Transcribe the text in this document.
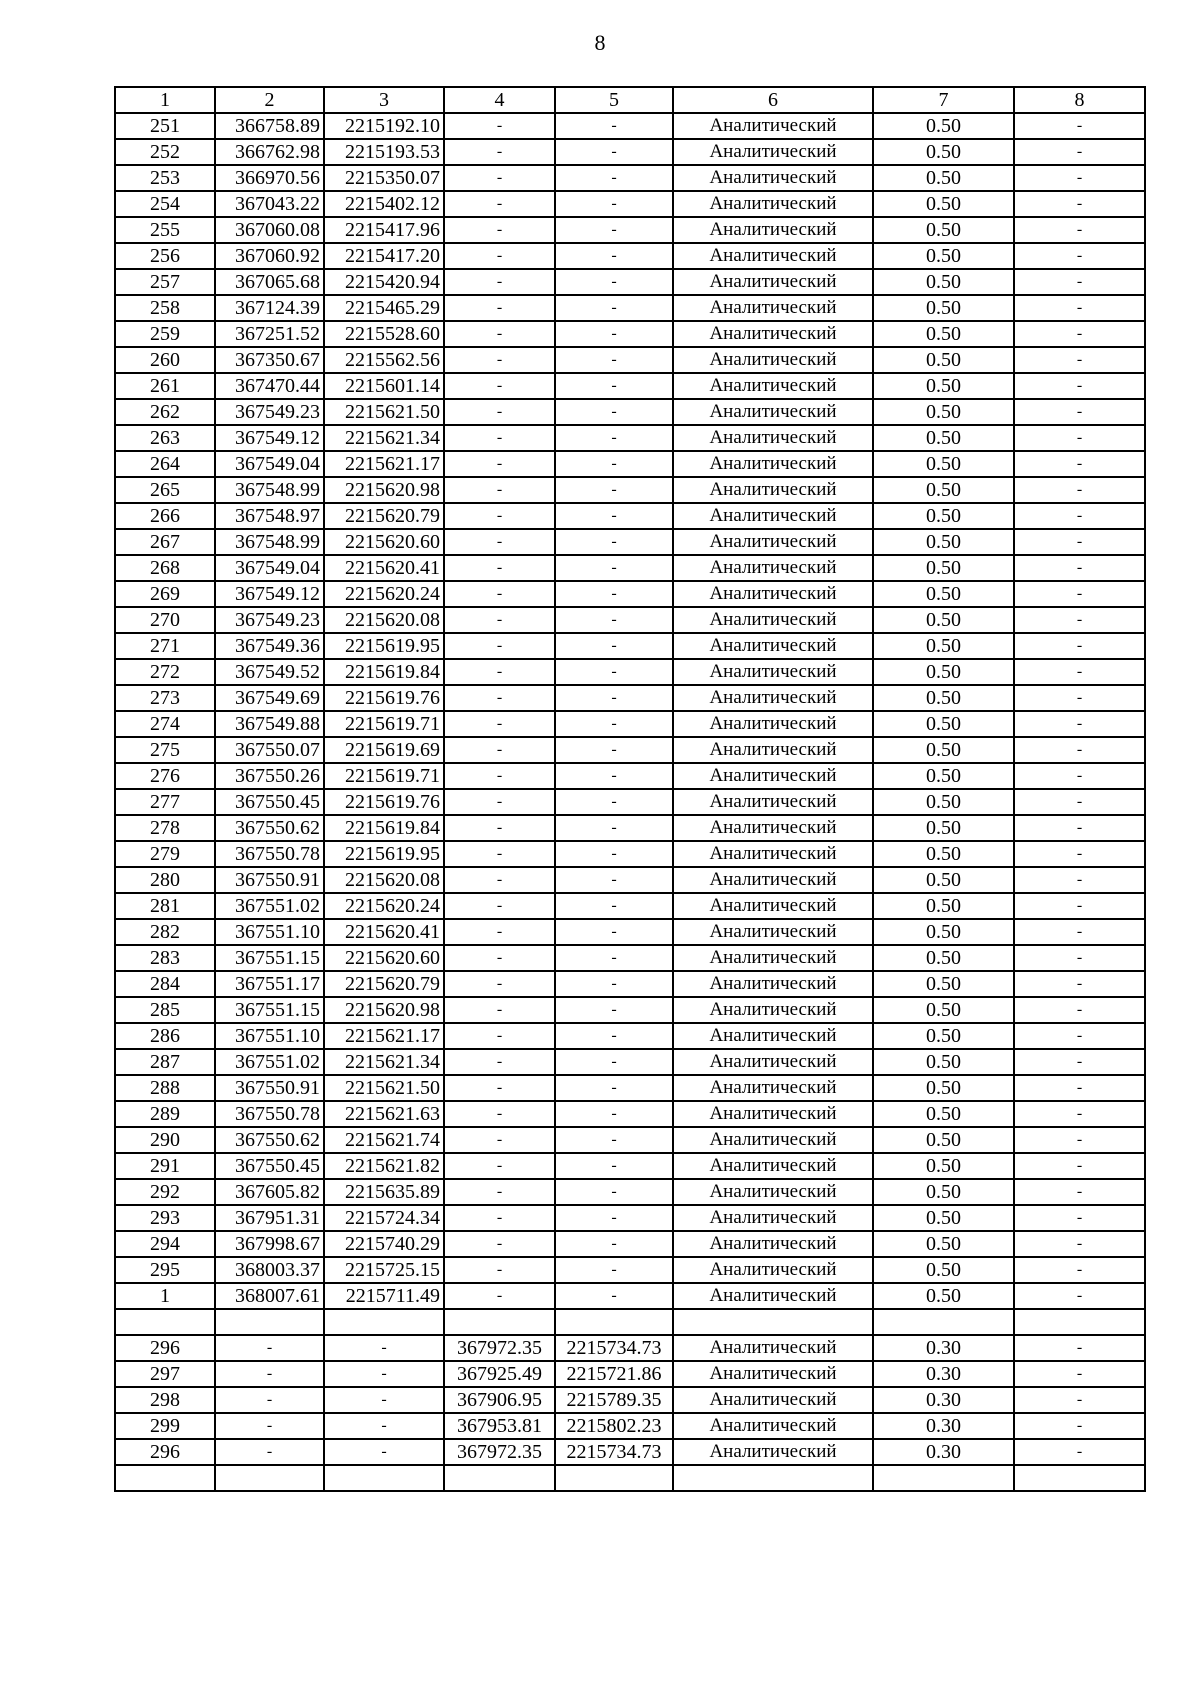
8
1	2	3	4	5	6	7	8
251	366758.89	2215192.10	-	-	Аналитический	0.50	-
252	366762.98	2215193.53	-	-	Аналитический	0.50	-
253	366970.56	2215350.07	-	-	Аналитический	0.50	-
254	367043.22	2215402.12	-	-	Аналитический	0.50	-
255	367060.08	2215417.96	-	-	Аналитический	0.50	-
256	367060.92	2215417.20	-	-	Аналитический	0.50	-
257	367065.68	2215420.94	-	-	Аналитический	0.50	-
258	367124.39	2215465.29	-	-	Аналитический	0.50	-
259	367251.52	2215528.60	-	-	Аналитический	0.50	-
260	367350.67	2215562.56	-	-	Аналитический	0.50	-
261	367470.44	2215601.14	-	-	Аналитический	0.50	-
262	367549.23	2215621.50	-	-	Аналитический	0.50	-
263	367549.12	2215621.34	-	-	Аналитический	0.50	-
264	367549.04	2215621.17	-	-	Аналитический	0.50	-
265	367548.99	2215620.98	-	-	Аналитический	0.50	-
266	367548.97	2215620.79	-	-	Аналитический	0.50	-
267	367548.99	2215620.60	-	-	Аналитический	0.50	-
268	367549.04	2215620.41	-	-	Аналитический	0.50	-
269	367549.12	2215620.24	-	-	Аналитический	0.50	-
270	367549.23	2215620.08	-	-	Аналитический	0.50	-
271	367549.36	2215619.95	-	-	Аналитический	0.50	-
272	367549.52	2215619.84	-	-	Аналитический	0.50	-
273	367549.69	2215619.76	-	-	Аналитический	0.50	-
274	367549.88	2215619.71	-	-	Аналитический	0.50	-
275	367550.07	2215619.69	-	-	Аналитический	0.50	-
276	367550.26	2215619.71	-	-	Аналитический	0.50	-
277	367550.45	2215619.76	-	-	Аналитический	0.50	-
278	367550.62	2215619.84	-	-	Аналитический	0.50	-
279	367550.78	2215619.95	-	-	Аналитический	0.50	-
280	367550.91	2215620.08	-	-	Аналитический	0.50	-
281	367551.02	2215620.24	-	-	Аналитический	0.50	-
282	367551.10	2215620.41	-	-	Аналитический	0.50	-
283	367551.15	2215620.60	-	-	Аналитический	0.50	-
284	367551.17	2215620.79	-	-	Аналитический	0.50	-
285	367551.15	2215620.98	-	-	Аналитический	0.50	-
286	367551.10	2215621.17	-	-	Аналитический	0.50	-
287	367551.02	2215621.34	-	-	Аналитический	0.50	-
288	367550.91	2215621.50	-	-	Аналитический	0.50	-
289	367550.78	2215621.63	-	-	Аналитический	0.50	-
290	367550.62	2215621.74	-	-	Аналитический	0.50	-
291	367550.45	2215621.82	-	-	Аналитический	0.50	-
292	367605.82	2215635.89	-	-	Аналитический	0.50	-
293	367951.31	2215724.34	-	-	Аналитический	0.50	-
294	367998.67	2215740.29	-	-	Аналитический	0.50	-
295	368003.37	2215725.15	-	-	Аналитический	0.50	-
1	368007.61	2215711.49	-	-	Аналитический	0.50	-

296	-	-	367972.35	2215734.73	Аналитический	0.30	-
297	-	-	367925.49	2215721.86	Аналитический	0.30	-
298	-	-	367906.95	2215789.35	Аналитический	0.30	-
299	-	-	367953.81	2215802.23	Аналитический	0.30	-
296	-	-	367972.35	2215734.73	Аналитический	0.30	-
